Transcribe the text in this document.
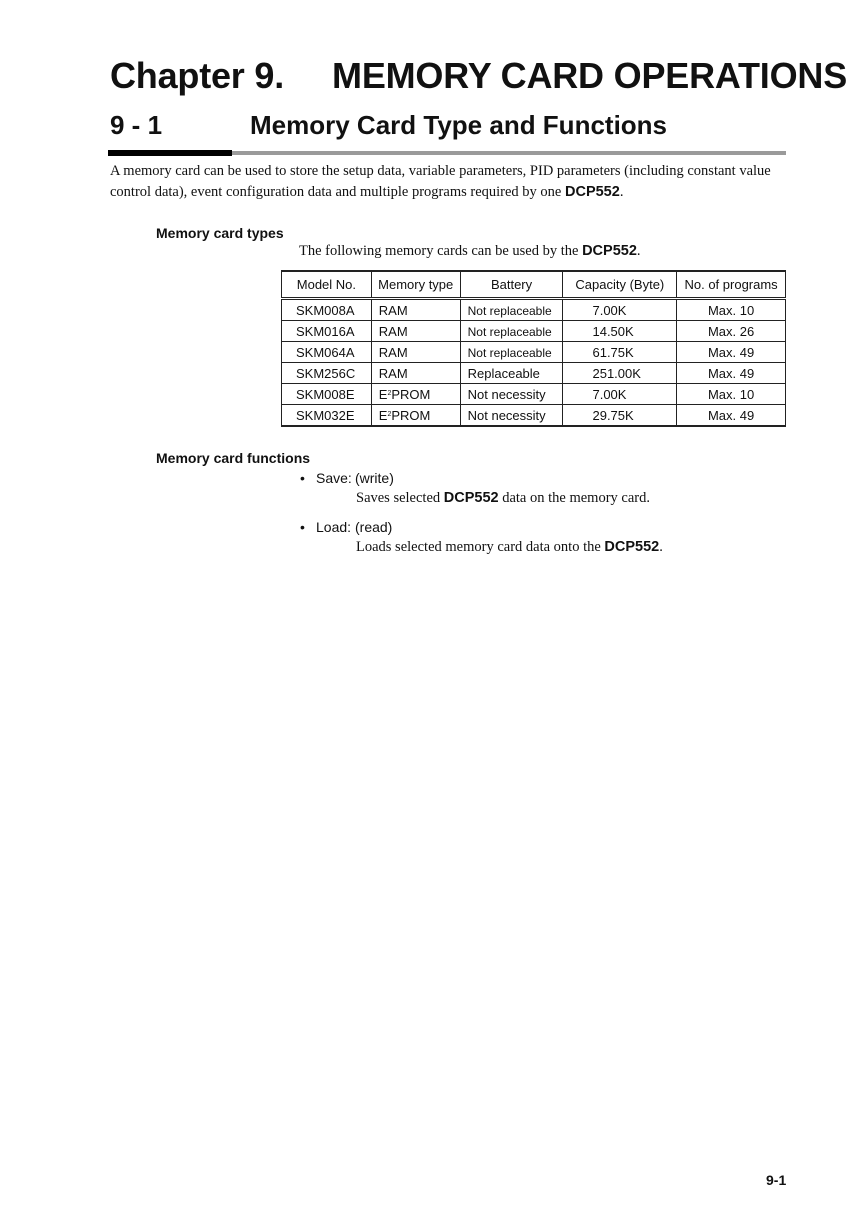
Chapter 9. MEMORY CARD OPERATIONS
9 - 1	Memory Card Type and Functions

A memory card can be used to store the setup data, variable parameters, PID parameters (including constant value control data), event configuration data and multiple programs required by one DCP552.

Memory card types

The following memory cards can be used by the DCP552.

Model No.	Memory type	Battery	Capacity (Byte)	No. of programs
SKM008A	RAM	Not replaceable	7.00K	Max. 10
SKM016A	RAM	Not replaceable	14.50K	Max. 26
SKM064A	RAM	Not replaceable	61.75K	Max. 49
SKM256C	RAM	Replaceable	251.00K	Max. 49
SKM008E	$E^2PROM$	Not necessity	7.00K	Max. 10
SKM032E	$E^2PROM$	Not necessity	29.75K	Max. 49

Memory card functions

• Save: (write)

Saves selected DCP552 data on the memory card.

• Load: (read)

Loads selected memory card data onto the DCP552.

9-1
